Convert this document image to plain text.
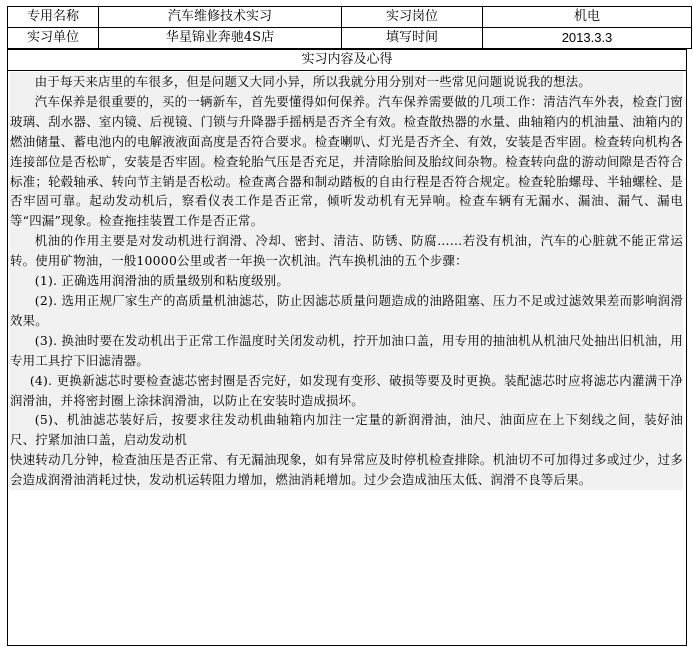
专用名称	汽车维修技术实习	实习岗位	机电
实习单位	华星锦业奔驰4S店	填写时间	2013.3.3
实习内容及心得

由于每天来店里的车很多，但是问题又大同小异，所以我就分用分别对一些常见问题说说我的想法。

汽车保养是很重要的，买的一辆新车，首先要懂得如何保养。汽车保养需要做的几项工作：清洁汽车外表，检查门窗玻璃、刮水器、室内镜、后视镜、门锁与升降器手摇柄是否齐全有效。检查散热器的水量、曲轴箱内的机油量、油箱内的燃油储量、蓄电池内的电解液液面高度是否符合要求。检查喇叭、灯光是否齐全、有效，安装是否牢固。检查转向机构各连接部位是否松旷，安装是否牢固。检查轮胎气压是否充足，并清除胎间及胎纹间杂物。检查转向盘的游动间隙是否符合标准；轮毂轴承、转向节主销是否松动。检查离合器和制动踏板的自由行程是否符合规定。检查轮胎螺母、半轴螺栓、是否牢固可靠。起动发动机后，察看仪表工作是否正常，倾听发动机有无异响。检查车辆有无漏水、漏油、漏气、漏电等“四漏”现象。检查拖挂装置工作是否正常。

机油的作用主要是对发动机进行润滑、冷却、密封、清洁、防锈、防腐……若没有机油，汽车的心脏就不能正常运转。使用矿物油，一般10000公里或者一年换一次机油。汽车换机油的五个步骤：

(1). 正确选用润滑油的质量级别和粘度级别。

(2). 选用正规厂家生产的高质量机油滤芯，防止因滤芯质量问题造成的油路阻塞、压力不足或过滤效果差而影响润滑效果。

(3). 换油时要在发动机出于正常工作温度时关闭发动机，拧开加油口盖，用专用的抽油机从机油尺处抽出旧机油，用专用工具拧下旧滤清器。

(4). 更换新滤芯时要检查滤芯密封圈是否完好，如发现有变形、破损等要及时更换。装配滤芯时应将滤芯内灌满干净润滑油，并将密封圈上涂抹润滑油，以防止在安装时造成损坏。

(5)、机油滤芯装好后，按要求往发动机曲轴箱内加注一定量的新润滑油，油尺、油面应在上下刻线之间，装好油尺、拧紧加油口盖，启动发动机

快速转动几分钟，检查油压是否正常、有无漏油现象，如有异常应及时停机检查排除。机油切不可加得过多或过少，过多会造成润滑油消耗过快，发动机运转阻力增加，燃油消耗增加。过少会造成油压太低、润滑不良等后果。
